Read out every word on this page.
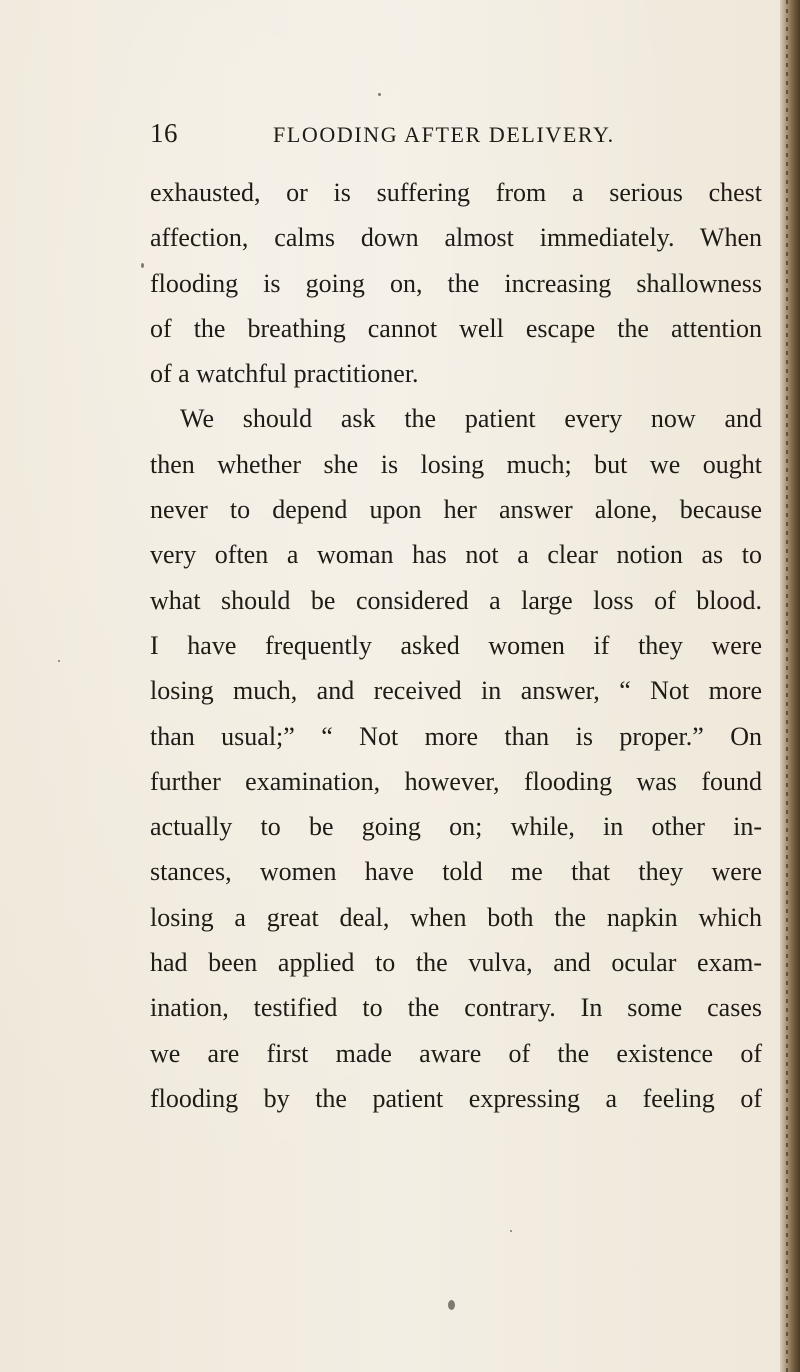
16	FLOODING AFTER DELIVERY.
exhausted, or is suffering from a serious chest
affection, calms down almost immediately. When
flooding is going on, the increasing shallowness
of the breathing cannot well escape the attention
of a watchful practitioner.
We should ask the patient every now and
then whether she is losing much; but we ought
never to depend upon her answer alone, because
very often a woman has not a clear notion as to
what should be considered a large loss of blood.
I have frequently asked women if they were
losing much, and received in answer, “ Not more
than usual;” “ Not more than is proper.” On
further examination, however, flooding was found
actually to be going on; while, in other in-
stances, women have told me that they were
losing a great deal, when both the napkin which
had been applied to the vulva, and ocular exam-
ination, testified to the contrary. In some cases
we are first made aware of the existence of
flooding by the patient expressing a feeling of
